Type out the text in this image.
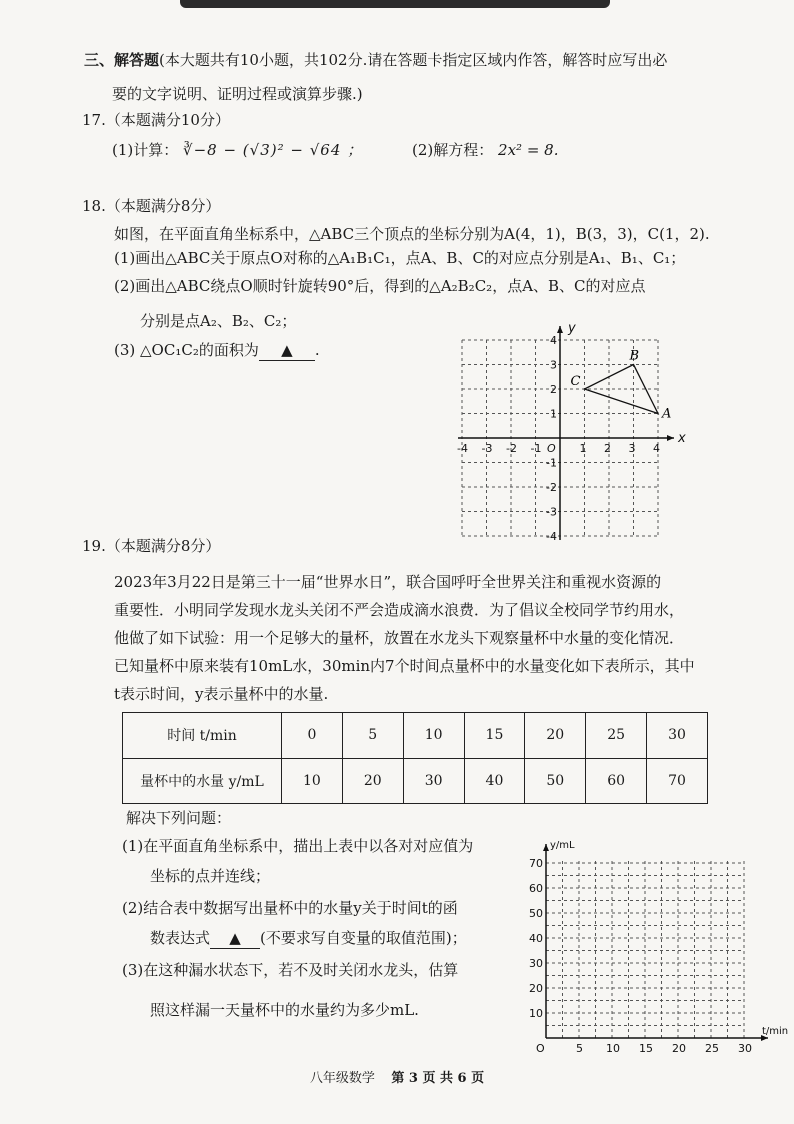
三、解答题(本大题共有10小题，共102分.请在答题卡指定区域内作答，解答时应写出必
要的文字说明、证明过程或演算步骤.)
17.（本题满分10分）
(1)计算： ∛−8 − (√3)² − √64 ；	(2)解方程： 2x² = 8.
18.（本题满分8分）
如图，在平面直角坐标系中，△ABC三个顶点的坐标分别为A(4，1)，B(3，3)，C(1，2).
(1)画出△ABC关于原点O对称的△A₁B₁C₁，点A、B、C的对应点分别是A₁、B₁、C₁；
(2)画出△ABC绕点O顺时针旋转90°后，得到的△A₂B₂C₂，点A、B、C的对应点
分别是点A₂、B₂、C₂；
(3) △OC₁C₂的面积为 ▲ .
x
y
O
-4 -3 -2 -1	1 2 3 4
4
3
2
1
-1
-2
-3
-4
A
B
C
19.（本题满分8分）
2023年3月22日是第三十一届“世界水日”，联合国呼吁全世界关注和重视水资源的
重要性．小明同学发现水龙头关闭不严会造成滴水浪费．为了倡议全校同学节约用水，
他做了如下试验：用一个足够大的量杯，放置在水龙头下观察量杯中水量的变化情况．
已知量杯中原来装有10mL水，30min内7个时间点量杯中的水量变化如下表所示，其中
t表示时间，y表示量杯中的水量.
时间 t/min	0	5	10	15	20	25	30
量杯中的水量 y/mL	10	20	30	40	50	60	70
解决下列问题：
(1)在平面直角坐标系中，描出上表中以各对对应值为
坐标的点并连线；
(2)结合表中数据写出量杯中的水量y关于时间t的函
数表达式 ▲ (不要求写自变量的取值范围)；
(3)在这种漏水状态下，若不及时关闭水龙头，估算
照这样漏一天量杯中的水量约为多少mL.
y/mL
t/min
O	5 10 15 20 25 30
10
20
30
40
50
60
70
八年级数学 第 3 页 共 6 页
